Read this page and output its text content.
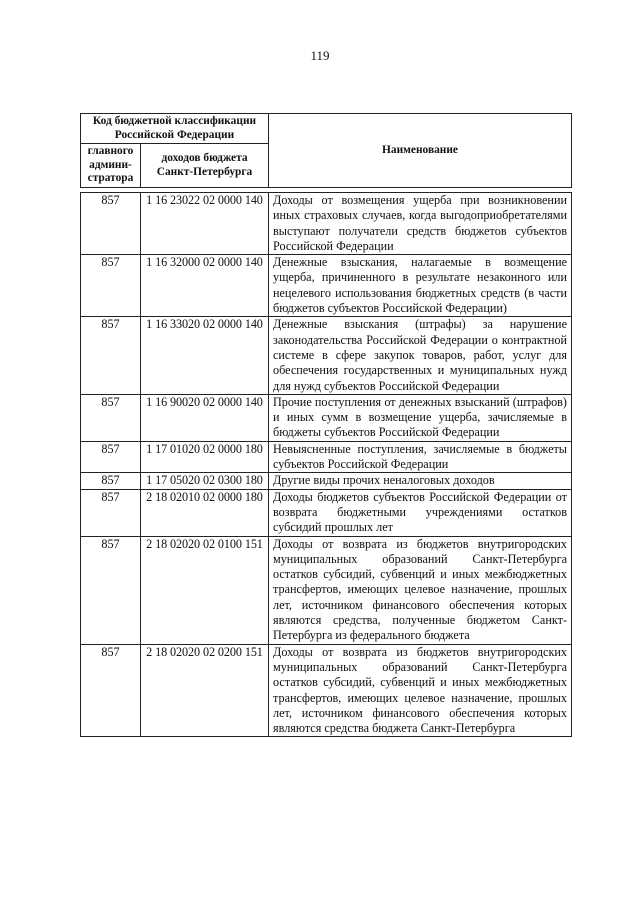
119
Код бюджетной классификации Российской Федерации		Наименование
главного админи-стратора	доходов бюджета Санкт-Петербурга	
857	1 16 23022 02 0000 140	Доходы от возмещения ущерба при возникновении иных страховых случаев, когда выгодоприобретателями выступают получатели средств бюджетов субъектов Российской Федерации
857	1 16 32000 02 0000 140	Денежные взыскания, налагаемые в возмещение ущерба, причиненного в результате незаконного или нецелевого использования бюджетных средств (в части бюджетов субъектов Российской Федерации)
857	1 16 33020 02 0000 140	Денежные взыскания (штрафы) за нарушение законодательства Российской Федерации о контрактной системе в сфере закупок товаров, работ, услуг для обеспечения государственных и муниципальных нужд для нужд субъектов Российской Федерации
857	1 16 90020 02 0000 140	Прочие поступления от денежных взысканий (штрафов) и иных сумм в возмещение ущерба, зачисляемые в бюджеты субъектов Российской Федерации
857	1 17 01020 02 0000 180	Невыясненные поступления, зачисляемые в бюджеты субъектов Российской Федерации
857	1 17 05020 02 0300 180	Другие виды прочих неналоговых доходов
857	2 18 02010 02 0000 180	Доходы бюджетов субъектов Российской Федерации от возврата бюджетными учреждениями остатков субсидий прошлых лет
857	2 18 02020 02 0100 151	Доходы от возврата из бюджетов внутригородских муниципальных образований Санкт-Петербурга остатков субсидий, субвенций и иных межбюджетных трансфертов, имеющих целевое назначение, прошлых лет, источником финансового обеспечения которых являются средства, полученные бюджетом Санкт-Петербурга из федерального бюджета
857	2 18 02020 02 0200 151	Доходы от возврата из бюджетов внутригородских муниципальных образований Санкт-Петербурга остатков субсидий, субвенций и иных межбюджетных трансфертов, имеющих целевое назначение, прошлых лет, источником финансового обеспечения которых являются средства бюджета Санкт-Петербурга
